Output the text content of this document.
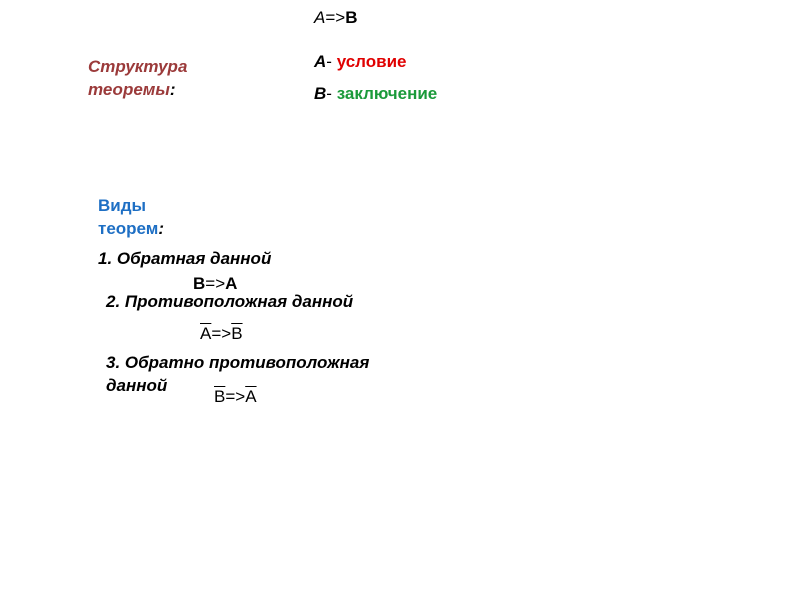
A=>B
A- условие
B- заключение
Структура
теоремы:
Виды
теорем:
1. Обратная данной
B=>A
2. Противоположная данной
$\overline{A}=>\overline{B}$
3. Обратно противоположная
данной
$\overline{B}=>\overline{A}$
